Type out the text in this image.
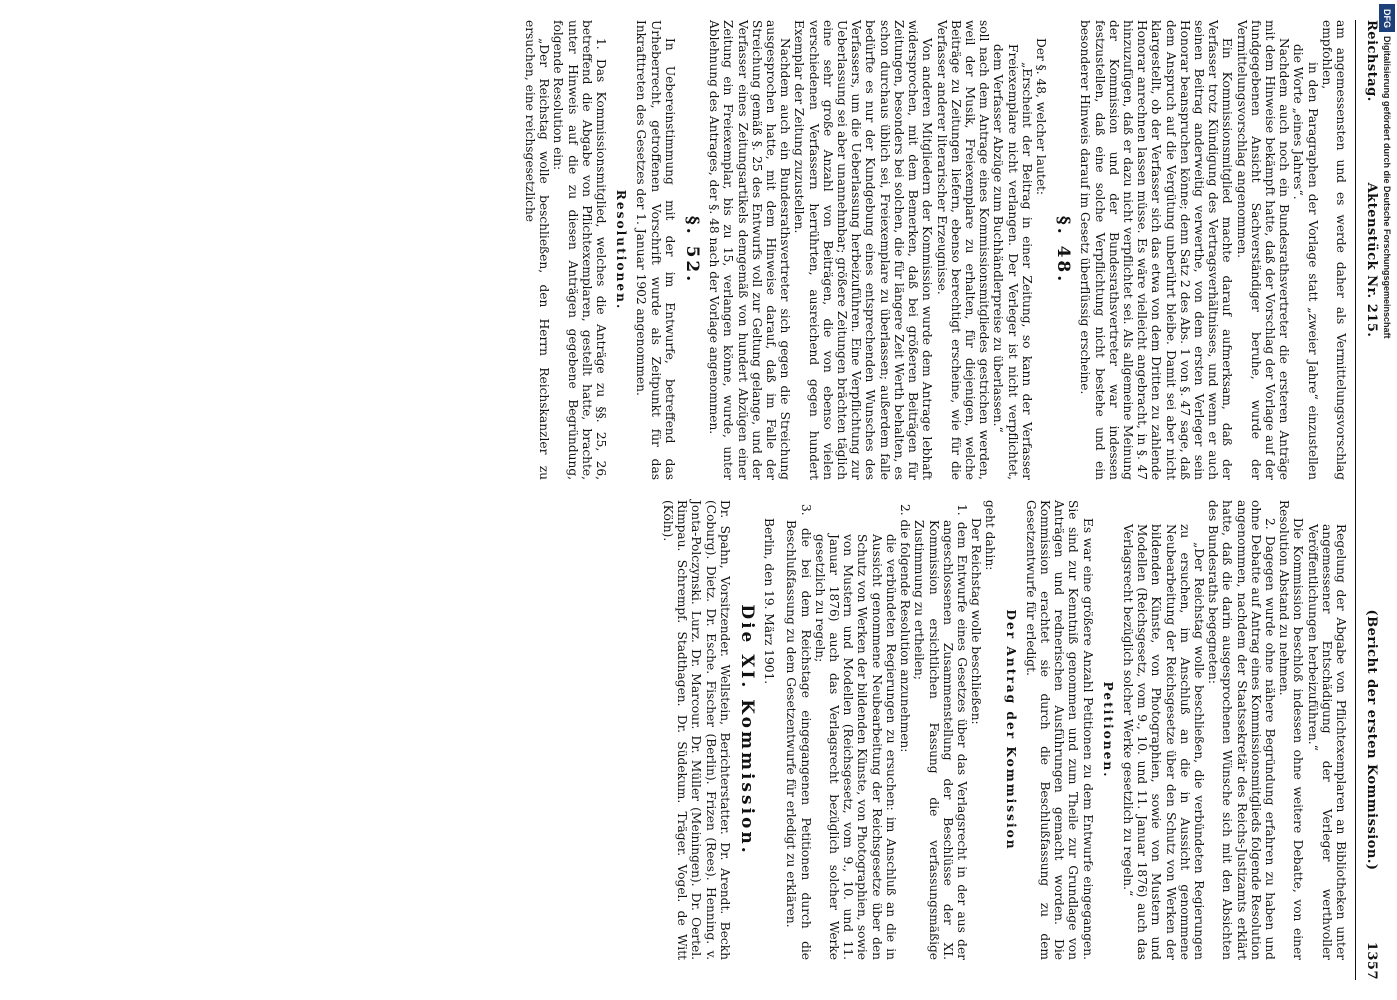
Reichstag.
Aktenstück Nr. 215.
(Bericht der ersten Kommission.)
1357

am angemessensten und es werde daher als Vermittelungsvorschlag empfohlen,

in den Paragraphen der Vorlage statt „zweier Jahre“ einzustellen die Worte „eines Jahres“.

Nachdem auch noch ein Bundesrathsvertreter die ersteren Anträge mit dem Hinweise bekämpft hatte, daß der Vorschlag der Vorlage auf der fundgegebenen Ansicht Sachverständiger beruhe, wurde der Vermittelungsvorschlag angenommen.

Ein Kommissionsmitglied machte darauf aufmerksam, daß der Verfasser trotz Kündigung des Vertragsverhältnisses, und wenn er auch seinen Beitrag anderweitig verwerthe, von dem ersten Verleger sein Honorar beanspruchen könne; denn Satz 2 des Abs. 1 von §. 47 sage, daß dem Anspruch auf die Vergütung unberührt bleibe. Damit sei aber nicht klargestellt, ob der Verfasser sich das etwa von dem Dritten zu zahlende Honorar anrechnen lassen müsse. Es wäre vielleicht angebracht, in §. 47 hinzuzufügen, daß er dazu nicht verpflichtet sei. Als allgemeine Meinung der Kommission und der Bundesrathsvertreter war indessen festzustellen, daß eine solche Verpflichtung nicht bestehe und ein besonderer Hinweis darauf im Gesetz überflüssig erscheine.

§. 48.

Der §. 48, welcher lautet:

„Erscheint der Beitrag in einer Zeitung, so kann der Verfasser Freiexemplare nicht verlangen. Der Verleger ist nicht verpflichtet, dem Verfasser Abzüge zum Buchhändlerpreise zu überlassen.“

soll nach dem Antrage eines Kommissionsmitgliedes gestrichen werden, weil der Musik, Freiexemplare zu erhalten, für diejenigen, welche Beiträge zu Zeitungen liefern, ebenso berechtigt erscheine, wie für die Verfasser anderer literarischer Erzeugnisse.

Von anderen Mitgliedern der Kommission wurde dem Antrage lebhaft widersprochen, mit dem Bemerken, daß bei größeren Beiträgen für Zeitungen, besonders bei solchen, die für längere Zeit Werth behalten, es schon durchaus üblich sei, Freiexemplare zu überlassen; außerdem falle bedürfte es nur der Kundgebung eines entsprechenden Wunsches des Verfassers, um die Ueberlassung herbeizuführen. Eine Verpflichtung zur Ueberlassung sei aber unannehmbar; größere Zeitungen brächten täglich eine sehr große Anzahl von Beiträgen, die von ebenso vielen verschiedenen Verfassern herrührten, ausreichend gegen hundert Exemplar der Zeitung zuzustellen.

Nachdem auch ein Bundesrathsvertreter sich gegen die Streichung ausgesprochen hatte, mit dem Hinweise darauf, daß im Falle der Streichung gemäß §. 25 des Entwurfs voll zur Geltung gelange, und der Verfasser eines Zeitungsartikels demgemäß von hundert Abzügen einer Zeitung ein Freiexemplar, bis zu 15, verlangen könne, wurde, unter Ablehnung des Antrages, der §. 48 nach der Vorlage angenommen.

§. 52.

In Uebereinstimmung mit der im Entwurfe, betreffend das Urheberrecht, getroffenen Vorschrift wurde als Zeitpunkt für das Inkrafttreten des Gesetzes der 1. Januar 1902 angenommen.

Resolutionen.

1. Das Kommissionsmitglied, welches die Anträge zu §§. 25, 26, betreffend die Abgabe von Pflichtexemplaren, gestellt hatte, brachte, unter Hinweis auf die zu diesen Anträgen gegebene Begründung, folgende Resolution ein:

„Der Reichstag wolle beschließen, den Herrn Reichskanzler zu ersuchen, eine reichsgesetzliche

Regelung der Abgabe von Pflichtexemplaren an Bibliotheken unter angemessener Entschädigung der Verleger werthvoller Veröffentlichungen herbeizuführen.“

Die Kommission beschloß indessen ohne weitere Debatte, von einer Resolution Abstand zu nehmen.

2. Dagegen wurde ohne nähere Begründung erfahren zu haben und ohne Debatte auf Antrag eines Kommissionsmitglieds folgende Resolution angenommen, nachdem der Staatssekretär des Reichs-Justizamts erklärt hatte, daß die darin ausgesprochenen Wünsche sich mit den Absichten des Bundesraths begegneten:

„Der Reichstag wolle beschließen, die verbündeten Regierungen zu ersuchen, im Anschluß an die in Aussicht genommene Neubearbeitung der Reichsgesetze über den Schutz von Werken der bildenden Künste, von Photographien, sowie von Mustern und Modellen (Reichsgesetz, vom 9., 10. und 11. Januar 1876) auch das Verlagsrecht bezüglich solcher Werke gesetzlich zu regeln.“

Petitionen.

Es war eine größere Anzahl Petitionen zu dem Entwurfe eingegangen. Sie sind zur Kenntniß genommen und zum Theile zur Grundlage von Anträgen und rednerischen Ausführungen gemacht worden. Die Kommission erachtet sie durch die Beschlußfassung zu dem Gesetzentwurfe für erledigt.

Der Antrag der Kommission

geht dahin:

Der Reichstag wolle beschließen:

1. dem Entwurfe eines Gesetzes über das Verlagsrecht in der aus der angeschlossenen Zusammenstellung der Beschlüsse der XI. Kommission ersichtlichen Fassung die verfassungsmäßige Zustimmung zu ertheilen;

2. die folgende Resolution anzunehmen:

die verbündeten Regierungen zu ersuchen: im Anschluß an die in Aussicht genommene Neubearbeitung der Reichsgesetze über den Schutz von Werken der bildenden Künste, von Photographien, sowie von Mustern und Modellen (Reichsgesetz, vom 9., 10. und 11. Januar 1876) auch das Verlagsrecht bezüglich solcher Werke gesetzlich zu regeln;

3. die bei dem Reichstage eingegangenen Petitionen durch die Beschlußfassung zu dem Gesetzentwurfe für erledigt zu erklären.

Berlin, den 19. März 1901.

Die XI. Kommission.

Dr. Spahn, Vorsitzender. Wellstein, Berichterstatter. Dr. Arendt. Beckh (Coburg). Dietz. Dr. Esche. Fischer (Berlin). Frizen (Rees). Henning. v. Jonta-Polczynski. Lurz. Dr. Marcour. Dr. Müller (Meiningen). Dr. Oertel. Rimpau. Schrempf. Stadthagen. Dr. Südekum. Träger. Vogel. de Witt (Köln).

DFG
Digitalisierung gefördert durch die Deutsche Forschungsgemeinschaft
